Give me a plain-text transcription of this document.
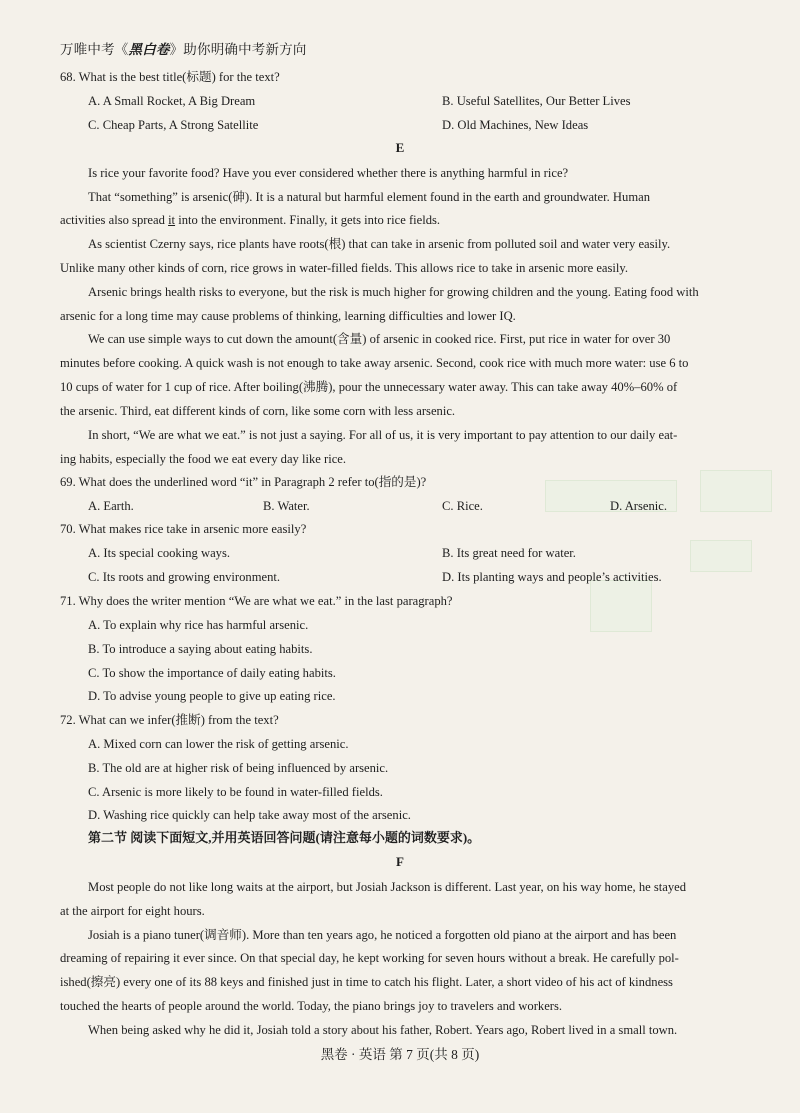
万唯中考《黑白卷》助你明确中考新方向
68. What is the best title(标题) for the text?
A. A Small Rocket, A Big Dream	B. Useful Satellites, Our Better Lives
C. Cheap Parts, A Strong Satellite	D. Old Machines, New Ideas
E
Is rice your favorite food? Have you ever considered whether there is anything harmful in rice?
That “something” is arsenic(砷). It is a natural but harmful element found in the earth and groundwater. Human
activities also spread it into the environment. Finally, it gets into rice fields.
As scientist Czerny says, rice plants have roots(根) that can take in arsenic from polluted soil and water very easily.
Unlike many other kinds of corn, rice grows in water-filled fields. This allows rice to take in arsenic more easily.
Arsenic brings health risks to everyone, but the risk is much higher for growing children and the young. Eating food with
arsenic for a long time may cause problems of thinking, learning difficulties and lower IQ.
We can use simple ways to cut down the amount(含量) of arsenic in cooked rice. First, put rice in water for over 30
minutes before cooking. A quick wash is not enough to take away arsenic. Second, cook rice with much more water: use 6 to
10 cups of water for 1 cup of rice. After boiling(沸腾), pour the unnecessary water away. This can take away 40%–60% of
the arsenic. Third, eat different kinds of corn, like some corn with less arsenic.
In short, “We are what we eat.” is not just a saying. For all of us, it is very important to pay attention to our daily eat-
ing habits, especially the food we eat every day like rice.
69. What does the underlined word “it” in Paragraph 2 refer to(指的是)?
A. Earth.	B. Water.	C. Rice.	D. Arsenic.
70. What makes rice take in arsenic more easily?
A. Its special cooking ways.	B. Its great need for water.
C. Its roots and growing environment.	D. Its planting ways and people’s activities.
71. Why does the writer mention “We are what we eat.” in the last paragraph?
A. To explain why rice has harmful arsenic.
B. To introduce a saying about eating habits.
C. To show the importance of daily eating habits.
D. To advise young people to give up eating rice.
72. What can we infer(推断) from the text?
A. Mixed corn can lower the risk of getting arsenic.
B. The old are at higher risk of being influenced by arsenic.
C. Arsenic is more likely to be found in water-filled fields.
D. Washing rice quickly can help take away most of the arsenic.
第二节 阅读下面短文,并用英语回答问题(请注意每小题的词数要求)。
F
Most people do not like long waits at the airport, but Josiah Jackson is different. Last year, on his way home, he stayed
at the airport for eight hours.
Josiah is a piano tuner(调音师). More than ten years ago, he noticed a forgotten old piano at the airport and has been
dreaming of repairing it ever since. On that special day, he kept working for seven hours without a break. He carefully pol-
ished(擦亮) every one of its 88 keys and finished just in time to catch his flight. Later, a short video of his act of kindness
touched the hearts of people around the world. Today, the piano brings joy to travelers and workers.
When being asked why he did it, Josiah told a story about his father, Robert. Years ago, Robert lived in a small town.
黑卷 · 英语 第 7 页(共 8 页)
